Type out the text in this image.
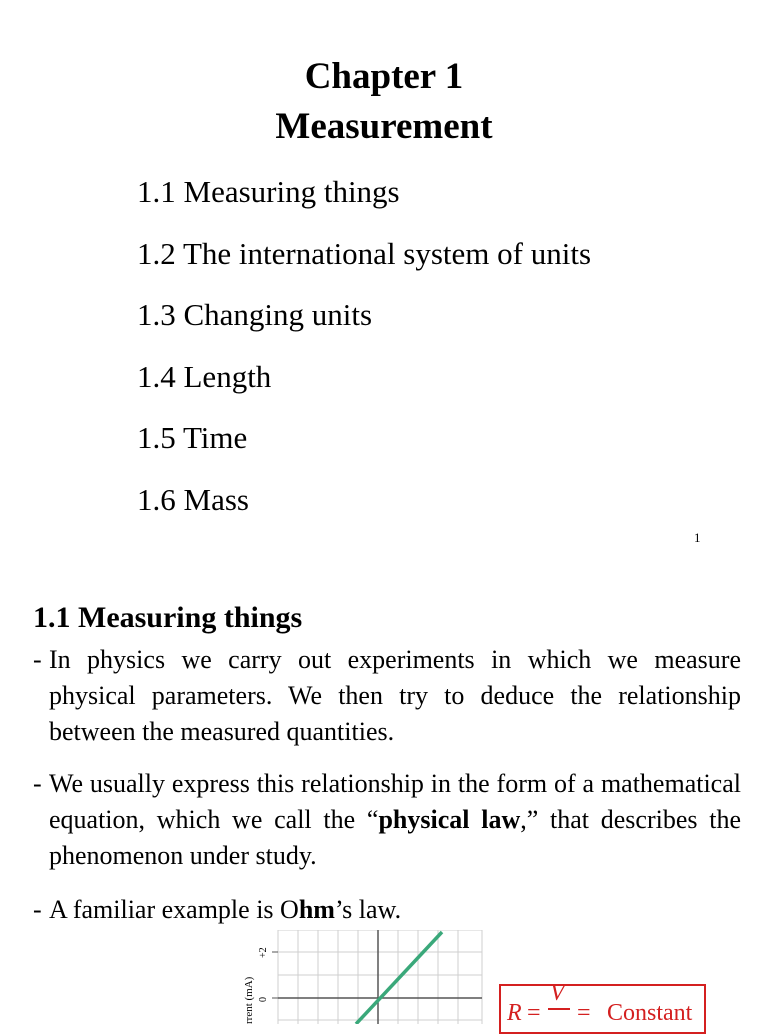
Chapter 1
Measurement
1.1 Measuring things
1.2 The international system of units
1.3 Changing units
1.4 Length
1.5 Time
1.6 Mass
1
1.1 Measuring things
- In physics we carry out experiments in which we measure physical parameters. We then try to deduce the relationship between the measured quantities.
- We usually express this relationship in the form of a mathematical equation, which we call the “physical law,” that describes the phenomenon under study.
- A familiar example is Ohm’s law.
rrent (mA)
+2
0
R =
V
= Constant
